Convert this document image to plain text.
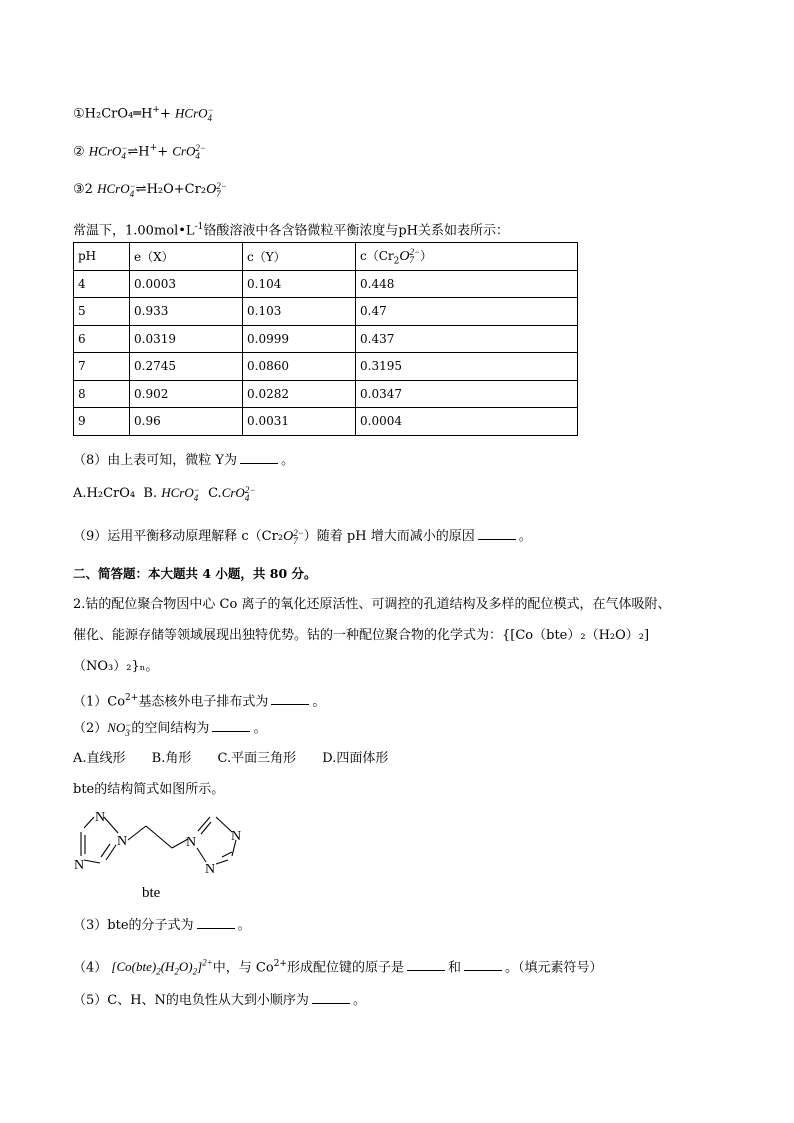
①H₂CrO₄═H++ HCrO −
4
② HCrO −
4 ⇌H++ CrO 2−
4
③2 HCrO −
4 ⇌H₂O+Cr₂O 2−
7
常温下，$1.00mol•L^{-1}$铬酸溶液中各含铬微粒平衡浓度与pH关系如表所示：
pH	e（X）	c（Y）	$c(Cr_2O$ 2−
7 ）
4	0.0003	0.104	0.448
5	0.933	0.103	0.47
6	0.0319	0.0999	0.437
7	0.2745	0.0860	0.3195
8	0.902	0.0282	0.0347
9	0.96	0.0031	0.0004
（8）由上表可知，微粒 Y为	。
A.H₂CrO₄ B. HCrO −
4 C.CrO 2−
4
（9）运用平衡移动原理解释 c（Cr₂O 2−
7 ）随着 pH 增大而减小的原因	。
二、简答题：本大题共 4 小题，共 80 分。
2.钴的配位聚合物因中心 Co 离子的氧化还原活性、可调控的孔道结构及多样的配位模式，在气体吸附、
催化、能源存储等领域展现出独特优势。钴的一种配位聚合物的化学式为：{[Co（bte）₂（H₂O）₂]
（NO₃）₂}ₙ。
$(1)Co^{2+}$基态核外电子排布式为	。
（2）NO −
3 的空间结构为	。
A.直线形 B.角形 C.平面三角形 D.四面体形
bte的结构简式如图所示。
N
N
N
N N
N
bte
（3）bte的分子式为	。
（4） $[Co(bte)_2(H_2O)_2]^{2+}$中，与 $Co^{2+}$形成配位键的原子是	和	。（填元素符号）
（5）C、H、N的电负性从大到小顺序为	。
